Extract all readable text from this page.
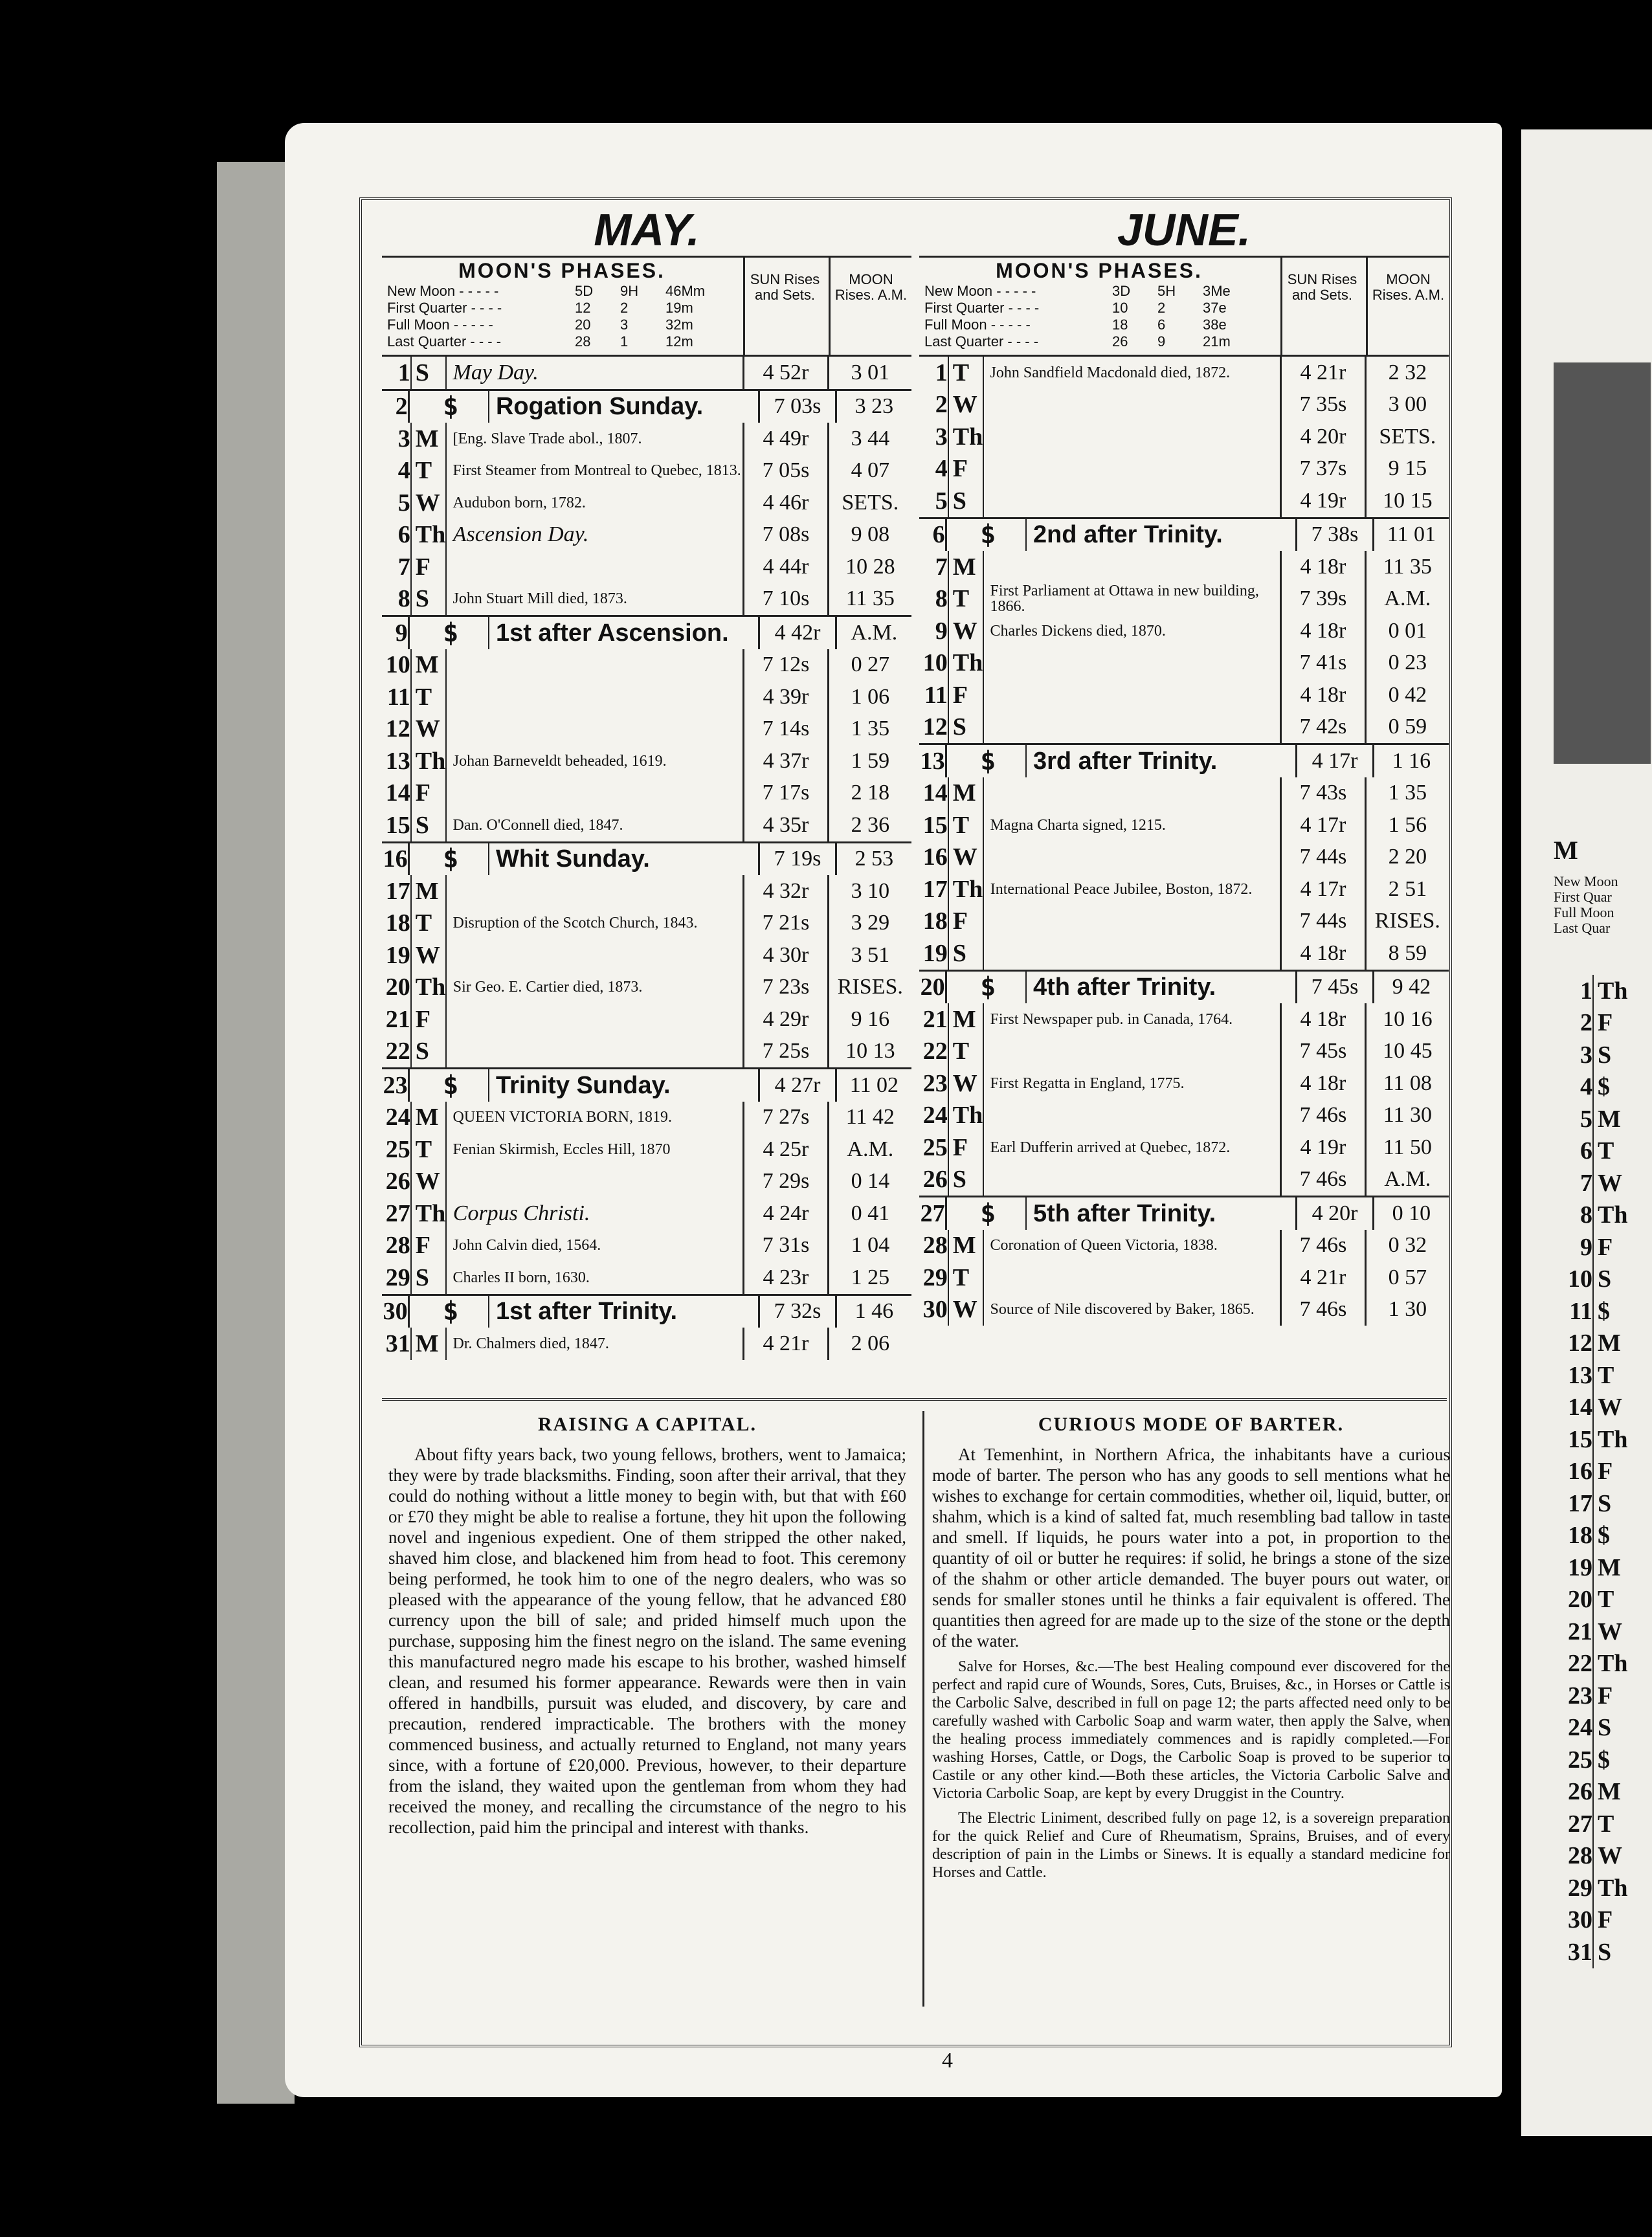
MAY.
MOON'S PHASES.
New Moon - - - - -	5D	9H	46Mm
First Quarter - - - -	12	2	19m
Full Moon - - - - -	20	3	32m
Last Quarter - - - -	28	1	12m
SUN Rises and Sets.
MOON Rises. A.M.
1 S	May Day.	4 52r	3 01
2	$	Rogation Sunday.	7 03s	3 23
3 M [Eng. Slave Trade abol., 1807.	4 49r	3 44
4 T	First Steamer from Montreal to Quebec, 1813. 7 05s	4 07
5 W Audubon born, 1782.	4 46r	SETS.
6 Th Ascension Day.	7 08s	9 08
7 F	4 44r	10 28
8 S	John Stuart Mill died, 1873.	7 10s	11 35
9	$	1st after Ascension.	4 42r	A.M.
10 M	7 12s	0 27
11 T	4 39r	1 06
12 W	7 14s	1 35
13 Th Johan Barneveldt beheaded, 1619.	4 37r	1 59
14 F	7 17s	2 18
15 S	Dan. O'Connell died, 1847.	4 35r	2 36
16	$	Whit Sunday.	7 19s	2 53
17 M	4 32r	3 10
18 T	Disruption of the Scotch Church, 1843.	7 21s	3 29
19 W	4 30r	3 51
20 Th Sir Geo. E. Cartier died, 1873.	7 23s	RISES.
21 F	4 29r	9 16
22 S	7 25s	10 13
23	$	Trinity Sunday.	4 27r	11 02
24 M QUEEN VICTORIA BORN, 1819.	7 27s	11 42
25 T	Fenian Skirmish, Eccles Hill, 1870	4 25r	A.M.
26 W	7 29s	0 14
27 Th Corpus Christi.	4 24r	0 41
28 F	John Calvin died, 1564.	7 31s	1 04
29 S	Charles II born, 1630.	4 23r	1 25
30	$	1st after Trinity.	7 32s	1 46
31 M Dr. Chalmers died, 1847.	4 21r	2 06
JUNE.
MOON'S PHASES.
New Moon - - - - -	3D	5H	3Me
First Quarter - - - -	10	2	37e
Full Moon - - - - -	18	6	38e
Last Quarter - - - -	26	9	21m
SUN Rises and Sets.
MOON Rises. A.M.
1 T	John Sandfield Macdonald died, 1872.	4 21r	2 32
2 W	7 35s	3 00
3 Th	4 20r	SETS.
4 F	7 37s	9 15
5 S	4 19r	10 15
6	$	2nd after Trinity.	7 38s	11 01
7 M	4 18r	11 35
8 T	First Parliament at Ottawa in new building, 1866.	7 39s	A.M.
9 W Charles Dickens died, 1870.	4 18r	0 01
10 Th	7 41s	0 23
11 F	4 18r	0 42
12 S	7 42s	0 59
13	$	3rd after Trinity.	4 17r	1 16
14 M	7 43s	1 35
15 T	Magna Charta signed, 1215.	4 17r	1 56
16 W	7 44s	2 20
17 Th International Peace Jubilee, Boston, 1872.	4 17r	2 51
18 F	7 44s	RISES.
19 S	4 18r	8 59
20	$	4th after Trinity.	7 45s	9 42
21 M First Newspaper pub. in Canada, 1764.	4 18r	10 16
22 T	7 45s	10 45
23 W First Regatta in England, 1775.	4 18r	11 08
24 Th	7 46s	11 30
25 F	Earl Dufferin arrived at Quebec, 1872.	4 19r	11 50
26 S	7 46s	A.M.
27	$	5th after Trinity.	4 20r	0 10
28 M Coronation of Queen Victoria, 1838.	7 46s	0 32
29 T	4 21r	0 57
30 W Source of Nile discovered by Baker, 1865.	7 46s	1 30
RAISING A CAPITAL.

About fifty years back, two young fellows, brothers, went to Jamaica; they were by trade blacksmiths. Finding, soon after their arrival, that they could do nothing without a little money to begin with, but that with £60 or £70 they might be able to realise a fortune, they hit upon the following novel and ingenious expedient. One of them stripped the other naked, shaved him close, and blackened him from head to foot. This ceremony being performed, he took him to one of the negro dealers, who was so pleased with the appearance of the young fellow, that he advanced £80 currency upon the bill of sale; and prided himself much upon the purchase, supposing him the finest negro on the island. The same evening this manufactured negro made his escape to his brother, washed himself clean, and resumed his former appearance. Rewards were then in vain offered in handbills, pursuit was eluded, and discovery, by care and precaution, rendered impracticable. The brothers with the money commenced business, and actually returned to England, not many years since, with a fortune of £20,000. Previous, however, to their departure from the island, they waited upon the gentleman from whom they had received the money, and recalling the circumstance of the negro to his recollection, paid him the principal and interest with thanks.

CURIOUS MODE OF BARTER.

At Temenhint, in Northern Africa, the inhabitants have a curious mode of barter. The person who has any goods to sell mentions what he wishes to exchange for certain commodities, whether oil, liquid, butter, or shahm, which is a kind of salted fat, much resembling bad tallow in taste and smell. If liquids, he pours water into a pot, in proportion to the quantity of oil or butter he requires: if solid, he brings a stone of the size of the shahm or other article demanded. The buyer pours out water, or sends for smaller stones until he thinks a fair equivalent is offered. The quantities then agreed for are made up to the size of the stone or the depth of the water.

Salve for Horses, &c.—The best Healing compound ever discovered for the perfect and rapid cure of Wounds, Sores, Cuts, Bruises, &c., in Horses or Cattle is the Carbolic Salve, described in full on page 12; the parts affected need only to be carefully washed with Carbolic Soap and warm water, then apply the Salve, when the healing process immediately commences and is rapidly completed.—For washing Horses, Cattle, or Dogs, the Carbolic Soap is proved to be superior to Castile or any other kind.—Both these articles, the Victoria Carbolic Salve and Victoria Carbolic Soap, are kept by every Druggist in the Country.

The Electric Liniment, described fully on page 12, is a sovereign preparation for the quick Relief and Cure of Rheumatism, Sprains, Bruises, and of every description of pain in the Limbs or Sinews. It is equally a standard medicine for Horses and Cattle.

M
New Moon
First Quar
Full Moon
Last Quar
1 Th
2 F
3 S
4 $
5 M
6 T
7 W
8 Th
9 F
10 S
11 $
12 M
13 T
14 W
15 Th
16 F
17 S
18 $
19 M
20 T
21 W
22 Th
23 F
24 S
25 $
26 M
27 T
28 W
29 Th
30 F
31 S
4
